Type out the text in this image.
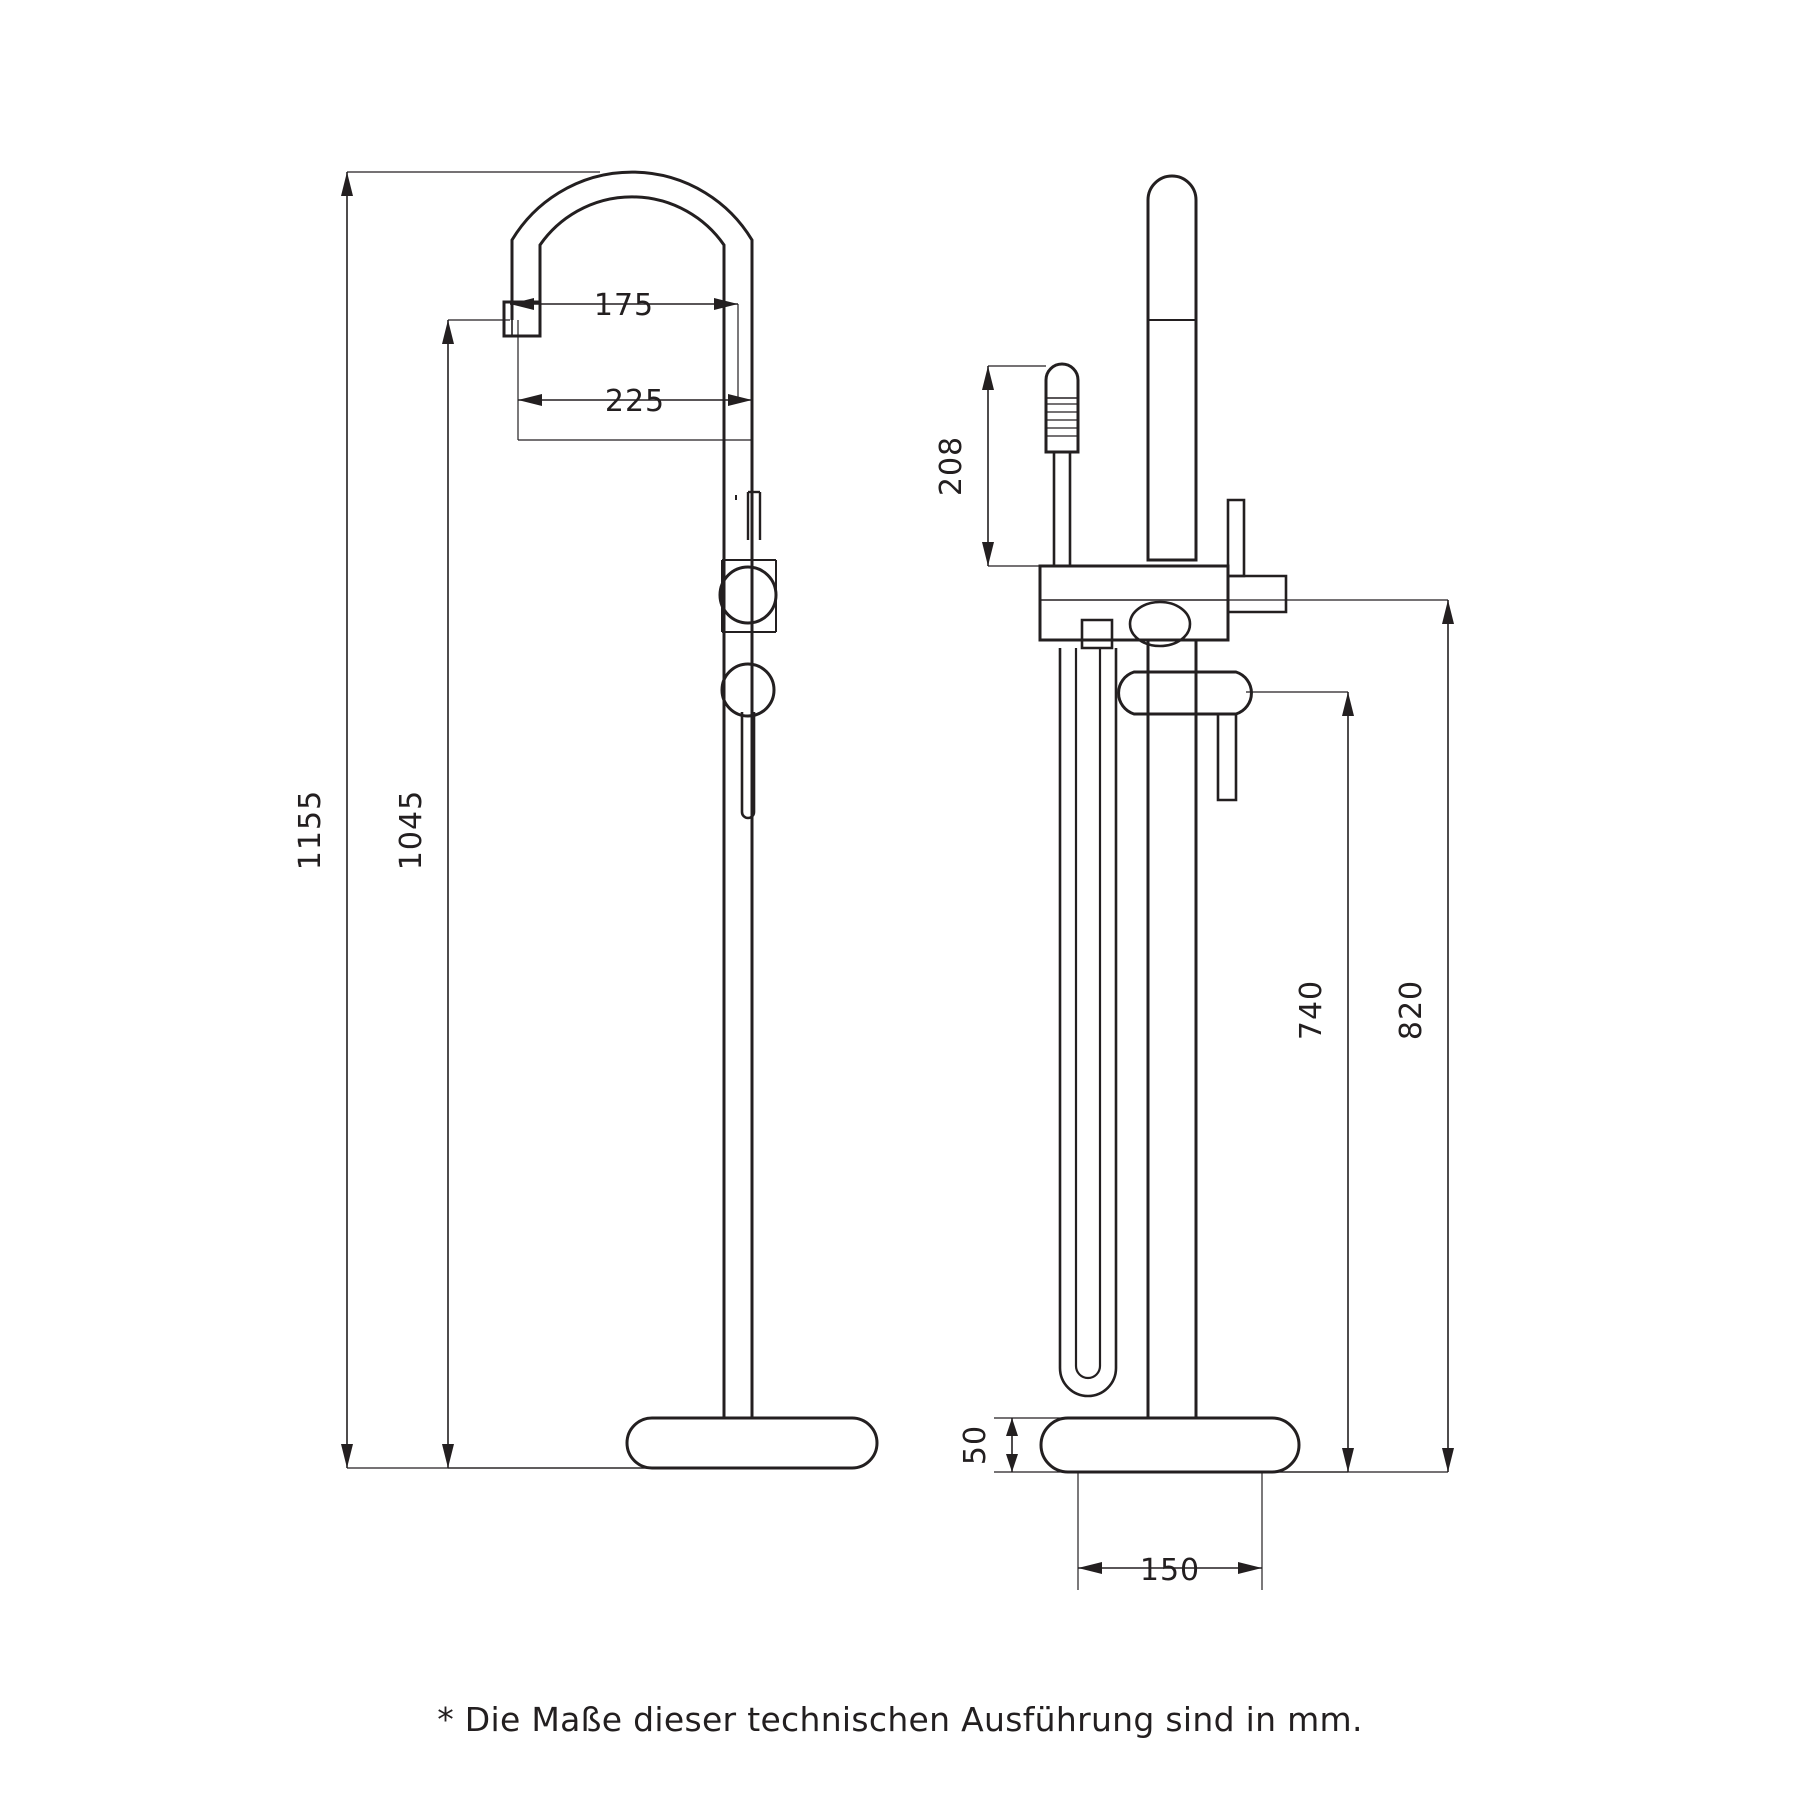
1155 1045
175
225
208
740 820
50
150
* Die Maße dieser technischen Ausführung sind in mm.
